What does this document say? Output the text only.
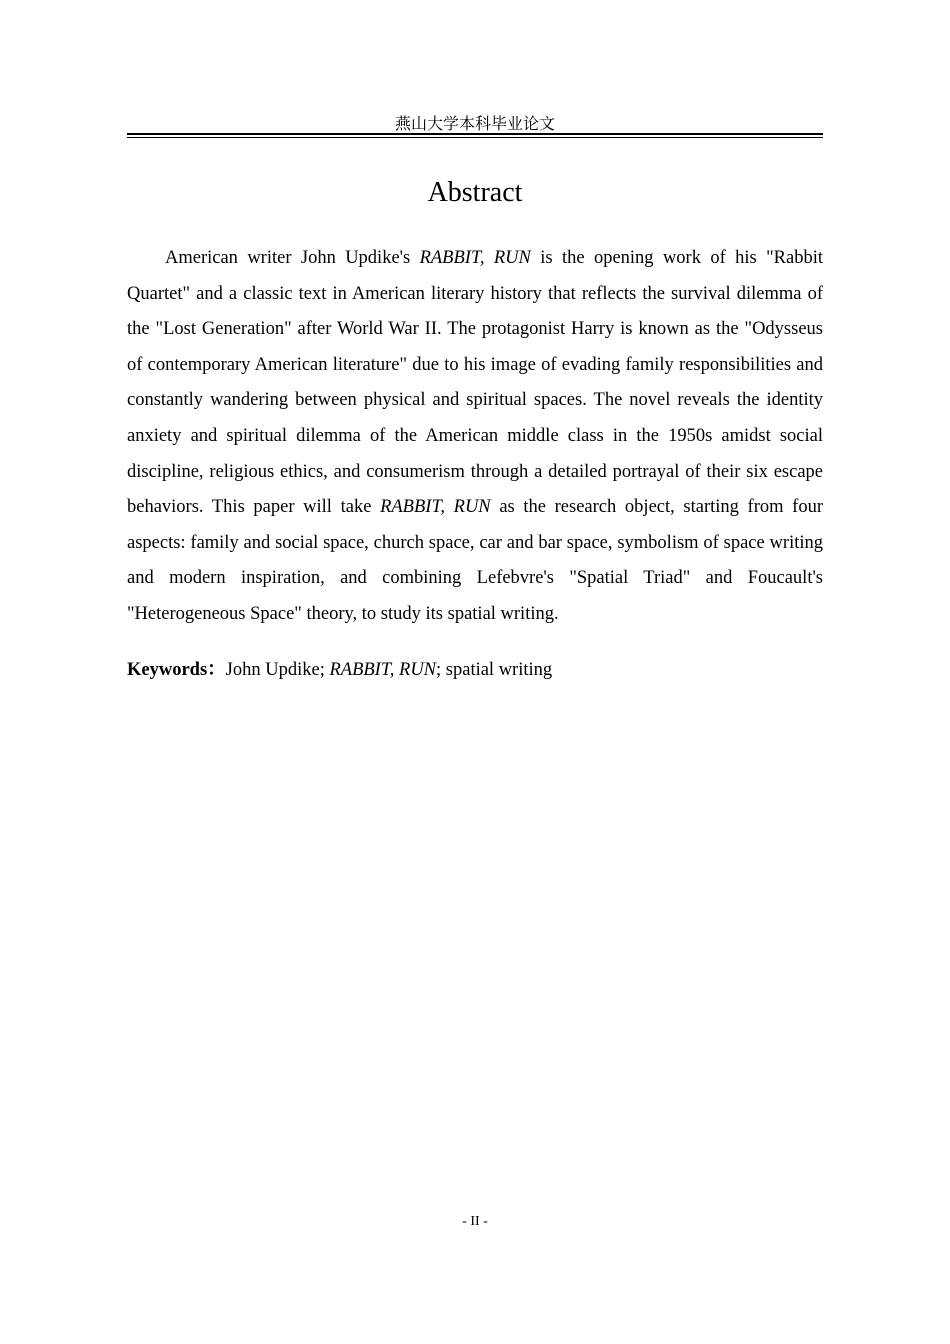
燕山大学本科毕业论文
Abstract

American writer John Updike's RABBIT, RUN is the opening work of his "Rabbit Quartet" and a classic text in American literary history that reflects the survival dilemma of the "Lost Generation" after World War II. The protagonist Harry is known as the "Odysseus of contemporary American literature" due to his image of evading family responsibilities and constantly wandering between physical and spiritual spaces. The novel reveals the identity anxiety and spiritual dilemma of the American middle class in the 1950s amidst social discipline, religious ethics, and consumerism through a detailed portrayal of their six escape behaviors. This paper will take RABBIT, RUN as the research object, starting from four aspects: family and social space, church space, car and bar space, symbolism of space writing and modern inspiration, and combining Lefebvre's "Spatial Triad" and Foucault's "Heterogeneous Space" theory, to study its spatial writing.

Keywords：John Updike; RABBIT, RUN; spatial writing

- II -
